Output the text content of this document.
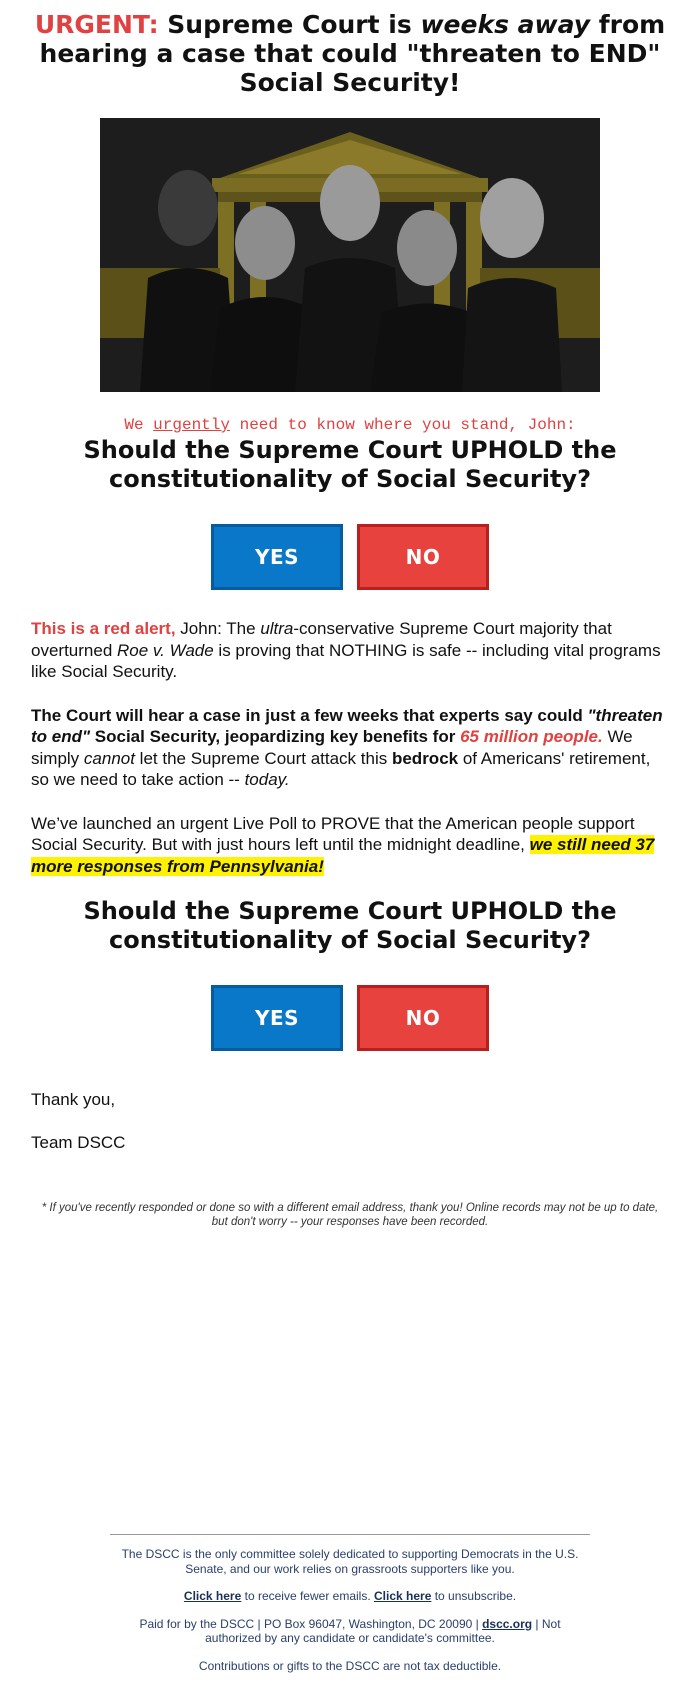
URGENT: Supreme Court is weeks away from hearing a case that could "threaten to END" Social Security!
We urgently need to know where you stand, John:
Should the Supreme Court UPHOLD the constitutionality of Social Security?
YES	NO

This is a red alert, John: The ultra-conservative Supreme Court majority that overturned Roe v. Wade is proving that NOTHING is safe -- including vital programs like Social Security.

The Court will hear a case in just a few weeks that experts say could "threaten to end" Social Security, jeopardizing key benefits for 65 million people. We simply cannot let the Supreme Court attack this bedrock of Americans' retirement, so we need to take action -- today.

We’ve launched an urgent Live Poll to PROVE that the American people support Social Security. But with just hours left until the midnight deadline, we still need 37 more responses from Pennsylvania!

Should the Supreme Court UPHOLD the constitutionality of Social Security?
YES	NO

Thank you,

Team DSCC

* If you've recently responded or done so with a different email address, thank you! Online records may not be up to date, but don't worry -- your responses have been recorded.

The DSCC is the only committee solely dedicated to supporting Democrats in the U.S. Senate, and our work relies on grassroots supporters like you.

Click here to receive fewer emails. Click here to unsubscribe.

Paid for by the DSCC | PO Box 96047, Washington, DC 20090 | dscc.org | Not authorized by any candidate or candidate's committee.

Contributions or gifts to the DSCC are not tax deductible.
